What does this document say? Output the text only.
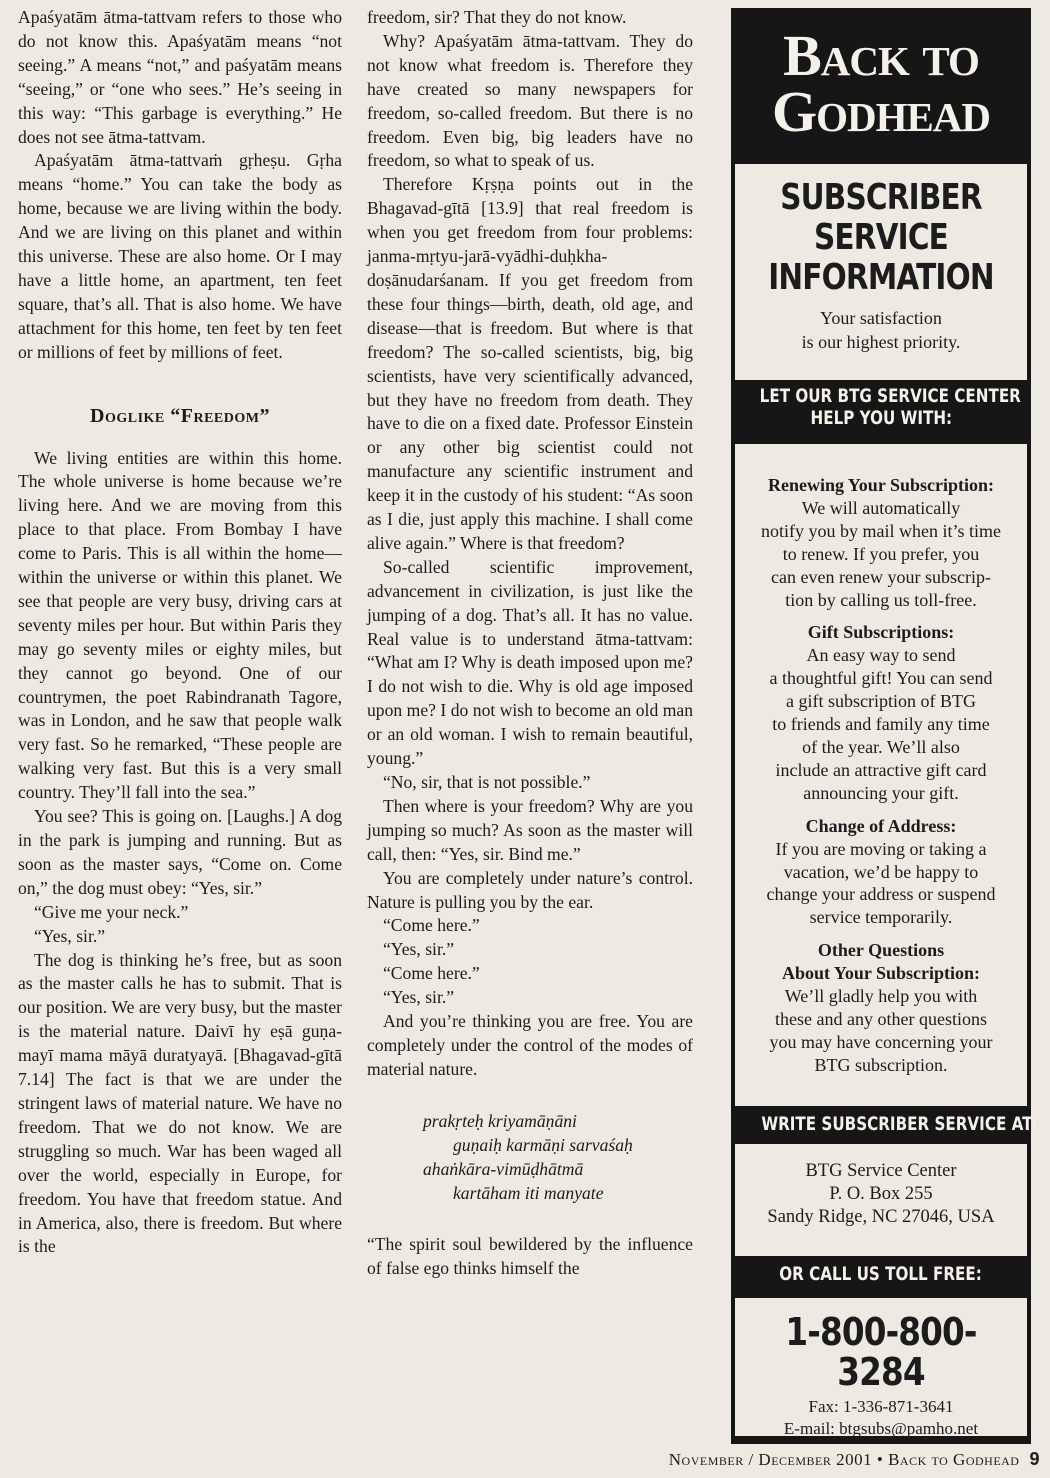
Apaśyatām ātma-tattvam refers to those who do not know this. Apaśyatām means “not seeing.” A means “not,” and paśyatām means “seeing,” or “one who sees.” He’s seeing in this way: “This garbage is everything.” He does not see ātma-tattvam.

Apaśyatām ātma-tattvaṁ gṛheṣu. Gṛha means “home.” You can take the body as home, because we are living within the body. And we are living on this planet and within this universe. These are also home. Or I may have a little home, an apartment, ten feet square, that’s all. That is also home. We have attachment for this home, ten feet by ten feet or millions of feet by millions of feet.

Doglike “Freedom”

We living entities are within this home. The whole universe is home because we’re living here. And we are moving from this place to that place. From Bombay I have come to Paris. This is all within the home—within the universe or within this planet. We see that people are very busy, driving cars at seventy miles per hour. But within Paris they may go seventy miles or eighty miles, but they cannot go beyond. One of our countrymen, the poet Rabindranath Tagore, was in London, and he saw that people walk very fast. So he remarked, “These people are walking very fast. But this is a very small country. They’ll fall into the sea.”

You see? This is going on. [Laughs.] A dog in the park is jumping and running. But as soon as the master says, “Come on. Come on,” the dog must obey: “Yes, sir.”

“Give me your neck.”

“Yes, sir.”

The dog is thinking he’s free, but as soon as the master calls he has to submit. That is our position. We are very busy, but the master is the material nature. Daivī hy eṣā guṇa-mayī mama māyā duratyayā. [Bhagavad-gītā 7.14] The fact is that we are under the stringent laws of material nature. We have no freedom. That we do not know. We are struggling so much. War has been waged all over the world, especially in Europe, for freedom. You have that freedom statue. And in America, also, there is freedom. But where is the

freedom, sir? That they do not know.

Why? Apaśyatām ātma-tattvam. They do not know what freedom is. Therefore they have created so many newspapers for freedom, so-called freedom. But there is no freedom. Even big, big leaders have no freedom, so what to speak of us.

Therefore Kṛṣṇa points out in the Bhagavad-gītā [13.9] that real freedom is when you get freedom from four problems: janma-mṛtyu-jarā-vyādhi-duḥkha-doṣānudarśanam. If you get freedom from these four things—birth, death, old age, and disease—that is freedom. But where is that freedom? The so-called scientists, big, big scientists, have very scientifically advanced, but they have no freedom from death. They have to die on a fixed date. Professor Einstein or any other big scientist could not manufacture any scientific instrument and keep it in the custody of his student: “As soon as I die, just apply this machine. I shall come alive again.” Where is that freedom?

So-called scientific improvement, advancement in civilization, is just like the jumping of a dog. That’s all. It has no value. Real value is to understand ātma-tattvam: “What am I? Why is death imposed upon me? I do not wish to die. Why is old age imposed upon me? I do not wish to become an old man or an old woman. I wish to remain beautiful, young.”

“No, sir, that is not possible.”

Then where is your freedom? Why are you jumping so much? As soon as the master will call, then: “Yes, sir. Bind me.”

You are completely under nature’s control. Nature is pulling you by the ear.

“Come here.”

“Yes, sir.”

“Come here.”

“Yes, sir.”

And you’re thinking you are free. You are completely under the control of the modes of material nature.

prakṛteḥ kriyamāṇāni
guṇaiḥ karmāṇi sarvaśaḥ
ahaṅkāra-vimūḍhātmā
kartāham iti manyate

“The spirit soul bewildered by the influence of false ego thinks himself the

Back to
Godhead
SUBSCRIBER
SERVICE
INFORMATION
Your satisfaction
is our highest priority.
LET OUR BTG SERVICE CENTER
HELP YOU WITH:
Renewing Your Subscription:
We will automatically
notify you by mail when it’s time
to renew. If you prefer, you
can even renew your subscrip-
tion by calling us toll-free.
Gift Subscriptions:
An easy way to send
a thoughtful gift! You can send
a gift subscription of BTG
to friends and family any time
of the year. We’ll also
include an attractive gift card
announcing your gift.
Change of Address:
If you are moving or taking a
vacation, we’d be happy to
change your address or suspend
service temporarily.
Other Questions
About Your Subscription:
We’ll gladly help you with
these and any other questions
you may have concerning your
BTG subscription.
WRITE SUBSCRIBER SERVICE AT:
BTG Service Center
P. O. Box 255
Sandy Ridge, NC 27046, USA
OR CALL US TOLL FREE:
1-800-800-3284
Fax: 1-336-871-3641
E-mail: btgsubs@pamho.net
November / December 2001 • Back to Godhead 9
